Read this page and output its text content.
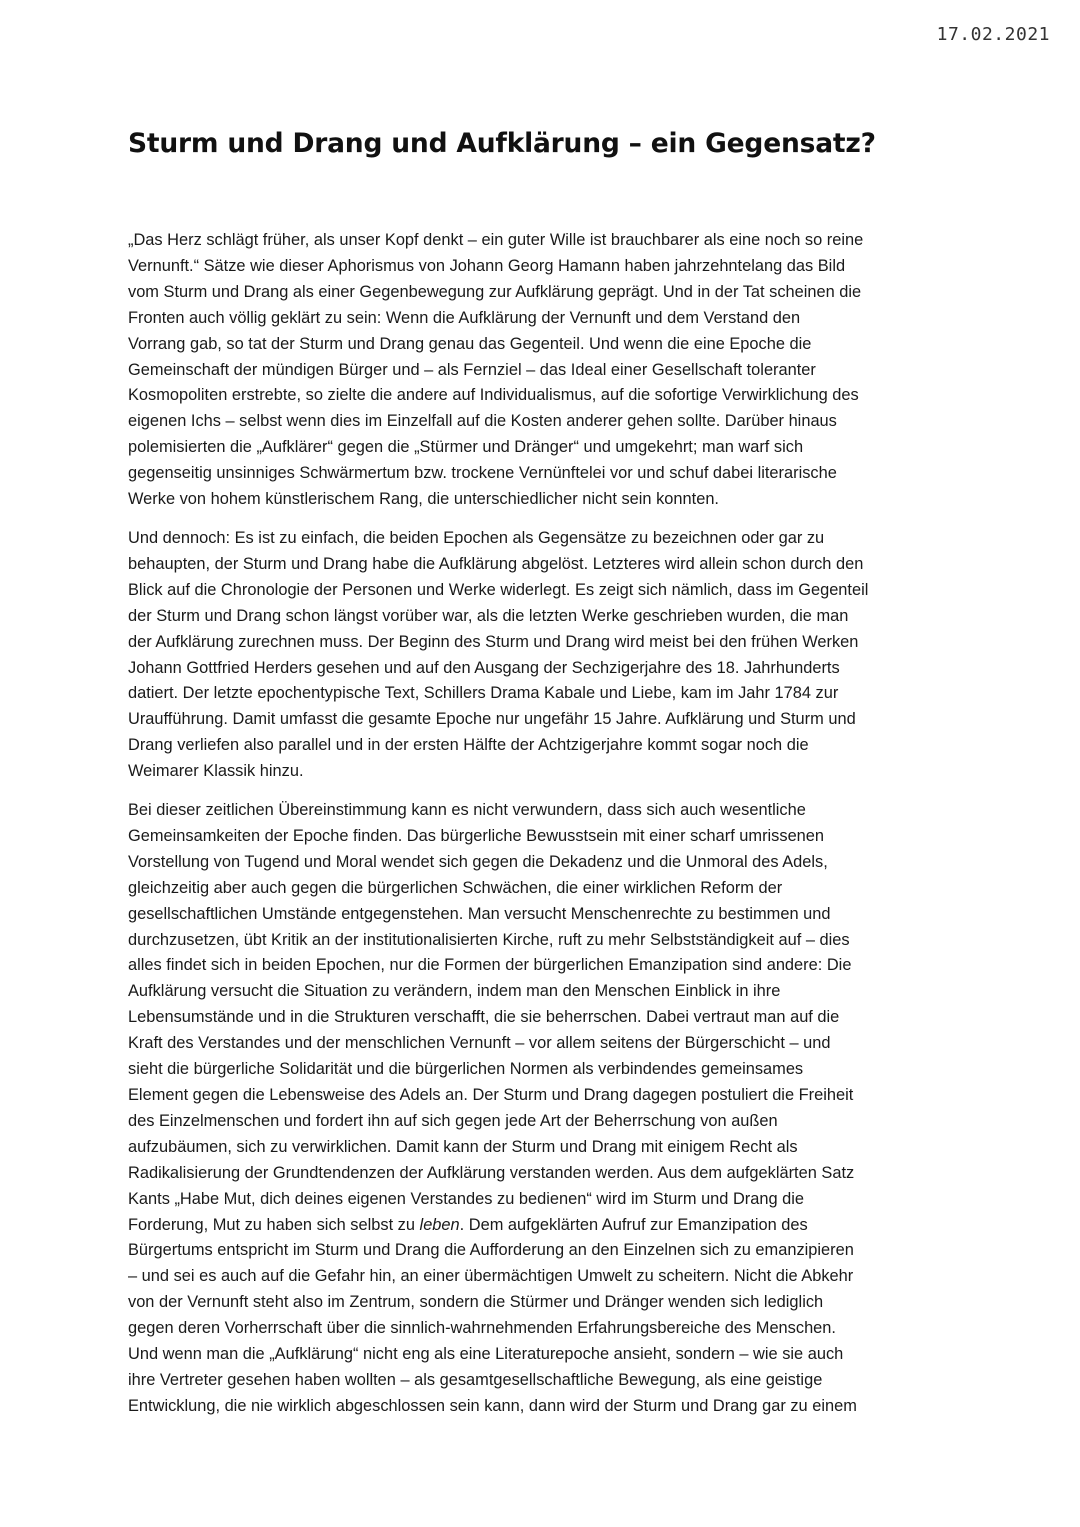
17.02.2021
Sturm und Drang und Aufklärung – ein Gegensatz?

„Das Herz schlägt früher, als unser Kopf denkt – ein guter Wille ist brauchbarer als eine noch so reine
Vernunft.“ Sätze wie dieser Aphorismus von Johann Georg Hamann haben jahrzehntelang das Bild
vom Sturm und Drang als einer Gegenbewegung zur Aufklärung geprägt. Und in der Tat scheinen die
Fronten auch völlig geklärt zu sein: Wenn die Aufklärung der Vernunft und dem Verstand den
Vorrang gab, so tat der Sturm und Drang genau das Gegenteil. Und wenn die eine Epoche die
Gemeinschaft der mündigen Bürger und – als Fernziel – das Ideal einer Gesellschaft toleranter
Kosmopoliten erstrebte, so zielte die andere auf Individualismus, auf die sofortige Verwirklichung des
eigenen Ichs – selbst wenn dies im Einzelfall auf die Kosten anderer gehen sollte. Darüber hinaus
polemisierten die „Aufklärer“ gegen die „Stürmer und Dränger“ und umgekehrt; man warf sich
gegenseitig unsinniges Schwärmertum bzw. trockene Vernünftelei vor und schuf dabei literarische
Werke von hohem künstlerischem Rang, die unterschiedlicher nicht sein konnten.

Und dennoch: Es ist zu einfach, die beiden Epochen als Gegensätze zu bezeichnen oder gar zu
behaupten, der Sturm und Drang habe die Aufklärung abgelöst. Letzteres wird allein schon durch den
Blick auf die Chronologie der Personen und Werke widerlegt. Es zeigt sich nämlich, dass im Gegenteil
der Sturm und Drang schon längst vorüber war, als die letzten Werke geschrieben wurden, die man
der Aufklärung zurechnen muss. Der Beginn des Sturm und Drang wird meist bei den frühen Werken
Johann Gottfried Herders gesehen und auf den Ausgang der Sechzigerjahre des 18. Jahrhunderts
datiert. Der letzte epochentypische Text, Schillers Drama Kabale und Liebe, kam im Jahr 1784 zur
Uraufführung. Damit umfasst die gesamte Epoche nur ungefähr 15 Jahre. Aufklärung und Sturm und
Drang verliefen also parallel und in der ersten Hälfte der Achtzigerjahre kommt sogar noch die
Weimarer Klassik hinzu.

Bei dieser zeitlichen Übereinstimmung kann es nicht verwundern, dass sich auch wesentliche
Gemeinsamkeiten der Epoche finden. Das bürgerliche Bewusstsein mit einer scharf umrissenen
Vorstellung von Tugend und Moral wendet sich gegen die Dekadenz und die Unmoral des Adels,
gleichzeitig aber auch gegen die bürgerlichen Schwächen, die einer wirklichen Reform der
gesellschaftlichen Umstände entgegenstehen. Man versucht Menschenrechte zu bestimmen und
durchzusetzen, übt Kritik an der institutionalisierten Kirche, ruft zu mehr Selbstständigkeit auf – dies
alles findet sich in beiden Epochen, nur die Formen der bürgerlichen Emanzipation sind andere: Die
Aufklärung versucht die Situation zu verändern, indem man den Menschen Einblick in ihre
Lebensumstände und in die Strukturen verschafft, die sie beherrschen. Dabei vertraut man auf die
Kraft des Verstandes und der menschlichen Vernunft – vor allem seitens der Bürgerschicht – und
sieht die bürgerliche Solidarität und die bürgerlichen Normen als verbindendes gemeinsames
Element gegen die Lebensweise des Adels an. Der Sturm und Drang dagegen postuliert die Freiheit
des Einzelmenschen und fordert ihn auf sich gegen jede Art der Beherrschung von außen
aufzubäumen, sich zu verwirklichen. Damit kann der Sturm und Drang mit einigem Recht als
Radikalisierung der Grundtendenzen der Aufklärung verstanden werden. Aus dem aufgeklärten Satz
Kants „Habe Mut, dich deines eigenen Verstandes zu bedienen“ wird im Sturm und Drang die
Forderung, Mut zu haben sich selbst zu leben. Dem aufgeklärten Aufruf zur Emanzipation des
Bürgertums entspricht im Sturm und Drang die Aufforderung an den Einzelnen sich zu emanzipieren
– und sei es auch auf die Gefahr hin, an einer übermächtigen Umwelt zu scheitern. Nicht die Abkehr
von der Vernunft steht also im Zentrum, sondern die Stürmer und Dränger wenden sich lediglich
gegen deren Vorherrschaft über die sinnlich-wahrnehmenden Erfahrungsbereiche des Menschen.
Und wenn man die „Aufklärung“ nicht eng als eine Literaturepoche ansieht, sondern – wie sie auch
ihre Vertreter gesehen haben wollten – als gesamtgesellschaftliche Bewegung, als eine geistige
Entwicklung, die nie wirklich abgeschlossen sein kann, dann wird der Sturm und Drang gar zu einem
